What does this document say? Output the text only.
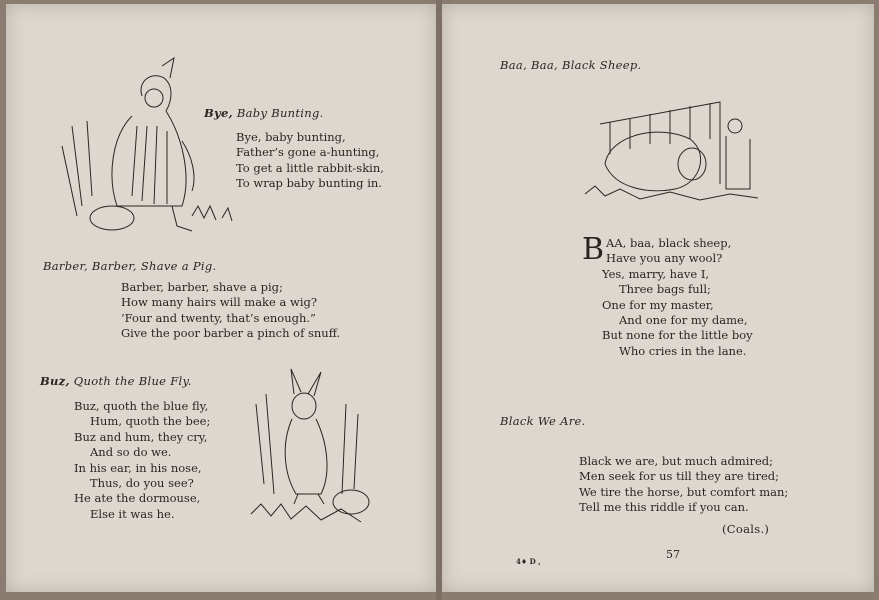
Bye, Baby Bunting.
Bye, baby bunting,
Father’s gone a-hunting,
To get a little rabbit-skin,
To wrap baby bunting in.
Barber, Barber, Shave a Pig.
Barber, barber, shave a pig;
How many hairs will make a wig?
‘Four and twenty, that’s enough.”
Give the poor barber a pinch of snuff.
Buz, Quoth the Blue Fly.
Buz, quoth the blue fly,
Hum, quoth the bee;
Buz and hum, they cry,
And so do we.
In his ear, in his nose,
Thus, do you see?
He ate the dormouse,
Else it was he.
Baa, Baa, Black Sheep.
BAA, baa, black sheep,
Have you any wool?
Yes, marry, have I,
Three bags full;
One for my master,
And one for my dame,
But none for the little boy
Who cries in the lane.
Black We Are.
Black we are, but much admired;
Men seek for us till they are tired;
We tire the horse, but comfort man;
Tell me this riddle if you can.
(Coals.)
4♦ D ,
57
